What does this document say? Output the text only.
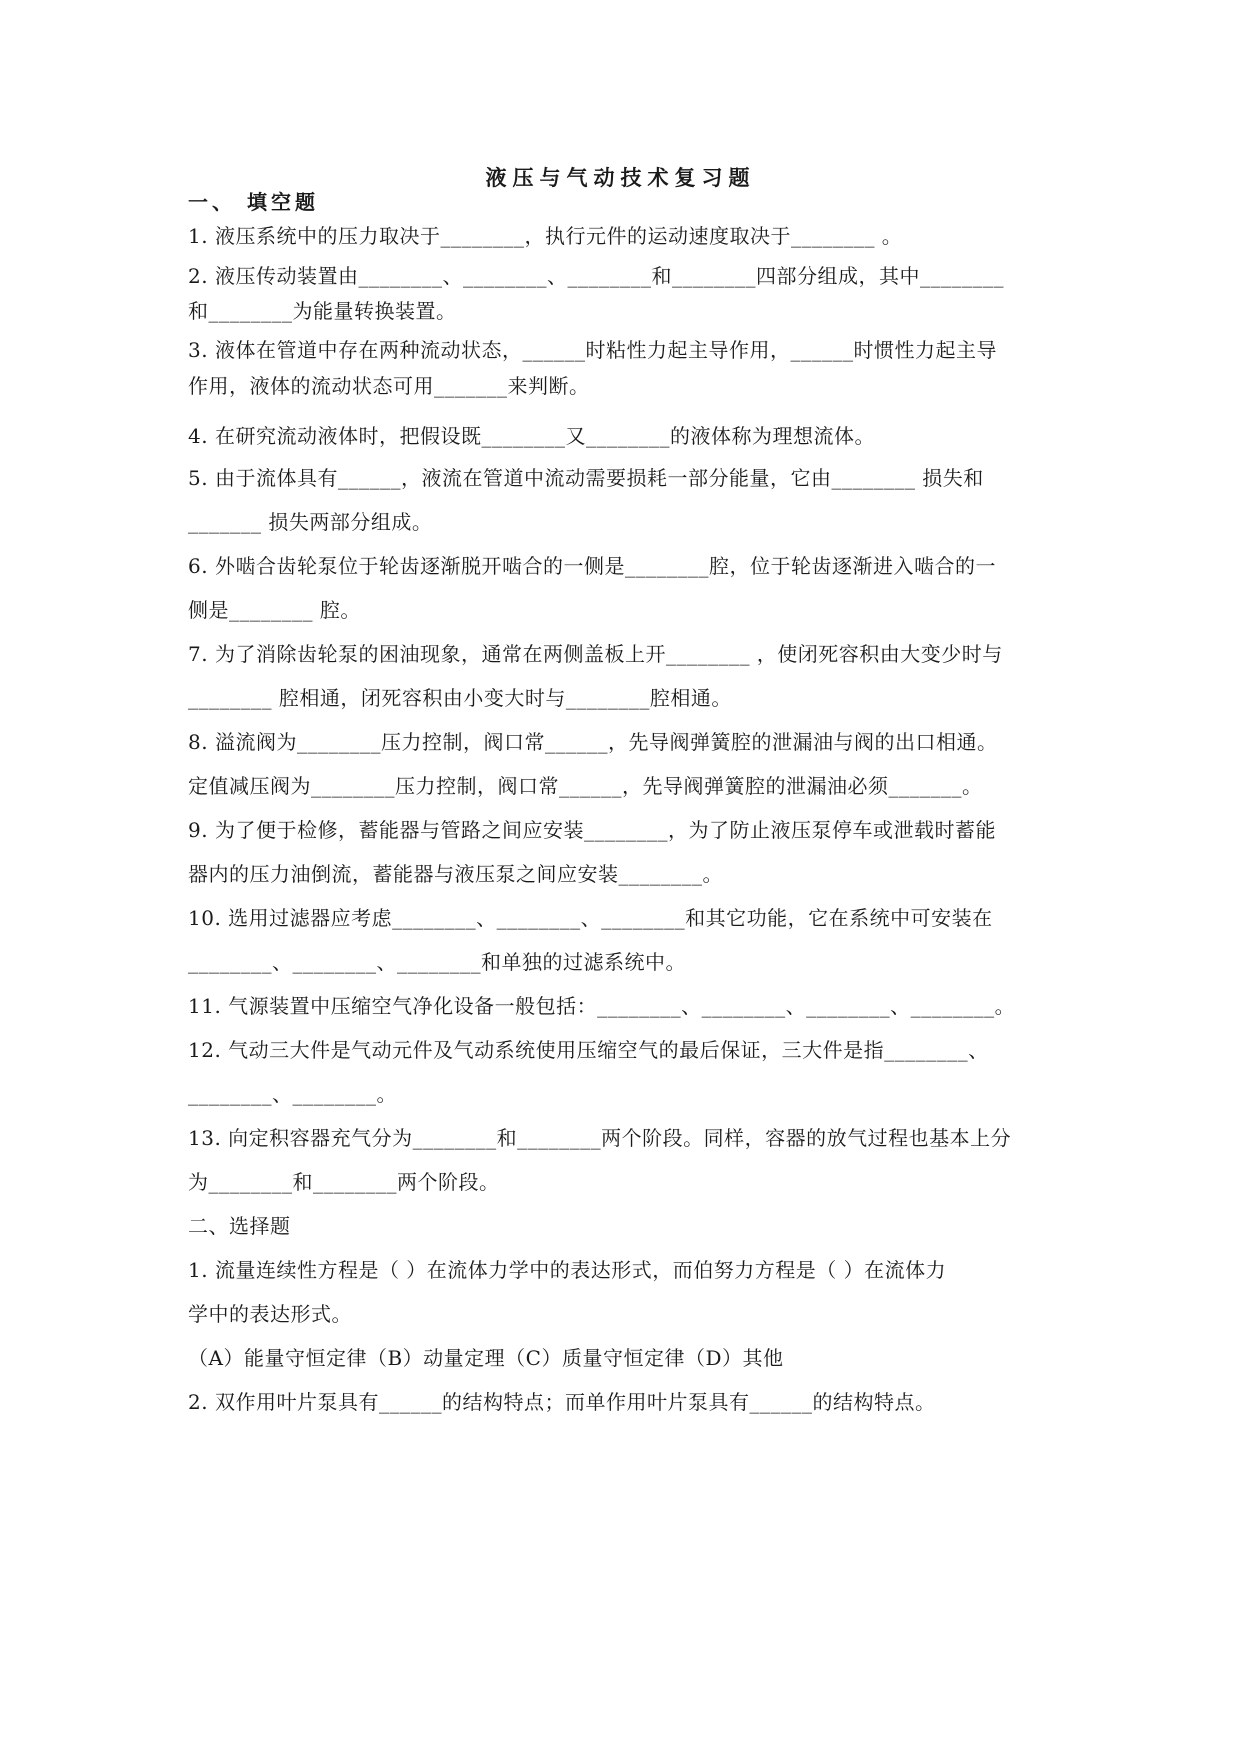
液压与气动技术复习题
一、 填空题
1. 液压系统中的压力取决于________，执行元件的运动速度取决于________ 。
2. 液压传动装置由________、________、________和________四部分组成，其中________
和________为能量转换装置。
3. 液体在管道中存在两种流动状态，______时粘性力起主导作用，______时惯性力起主导
作用，液体的流动状态可用_______来判断。
4. 在研究流动液体时，把假设既________又________的液体称为理想流体。
5. 由于流体具有______，液流在管道中流动需要损耗一部分能量，它由________ 损失和
_______ 损失两部分组成。
6. 外啮合齿轮泵位于轮齿逐渐脱开啮合的一侧是________腔，位于轮齿逐渐进入啮合的一
侧是________ 腔。
7. 为了消除齿轮泵的困油现象，通常在两侧盖板上开________ ，使闭死容积由大变少时与
________ 腔相通，闭死容积由小变大时与________腔相通。
8. 溢流阀为________压力控制，阀口常______，先导阀弹簧腔的泄漏油与阀的出口相通。
定值减压阀为________压力控制，阀口常______，先导阀弹簧腔的泄漏油必须_______。
9. 为了便于检修，蓄能器与管路之间应安装________，为了防止液压泵停车或泄载时蓄能
器内的压力油倒流，蓄能器与液压泵之间应安装________。
10. 选用过滤器应考虑________、________、________和其它功能，它在系统中可安装在
________、________、________和单独的过滤系统中。
11. 气源装置中压缩空气净化设备一般包括：________、________、________、________。
12. 气动三大件是气动元件及气动系统使用压缩空气的最后保证，三大件是指________、
________、________。
13. 向定积容器充气分为________和________两个阶段。同样，容器的放气过程也基本上分
为________和________两个阶段。
二、选择题
1. 流量连续性方程是（ ）在流体力学中的表达形式，而伯努力方程是（ ）在流体力
学中的表达形式。
（A）能量守恒定律（B）动量定理（C）质量守恒定律（D）其他
2. 双作用叶片泵具有______的结构特点；而单作用叶片泵具有______的结构特点。
